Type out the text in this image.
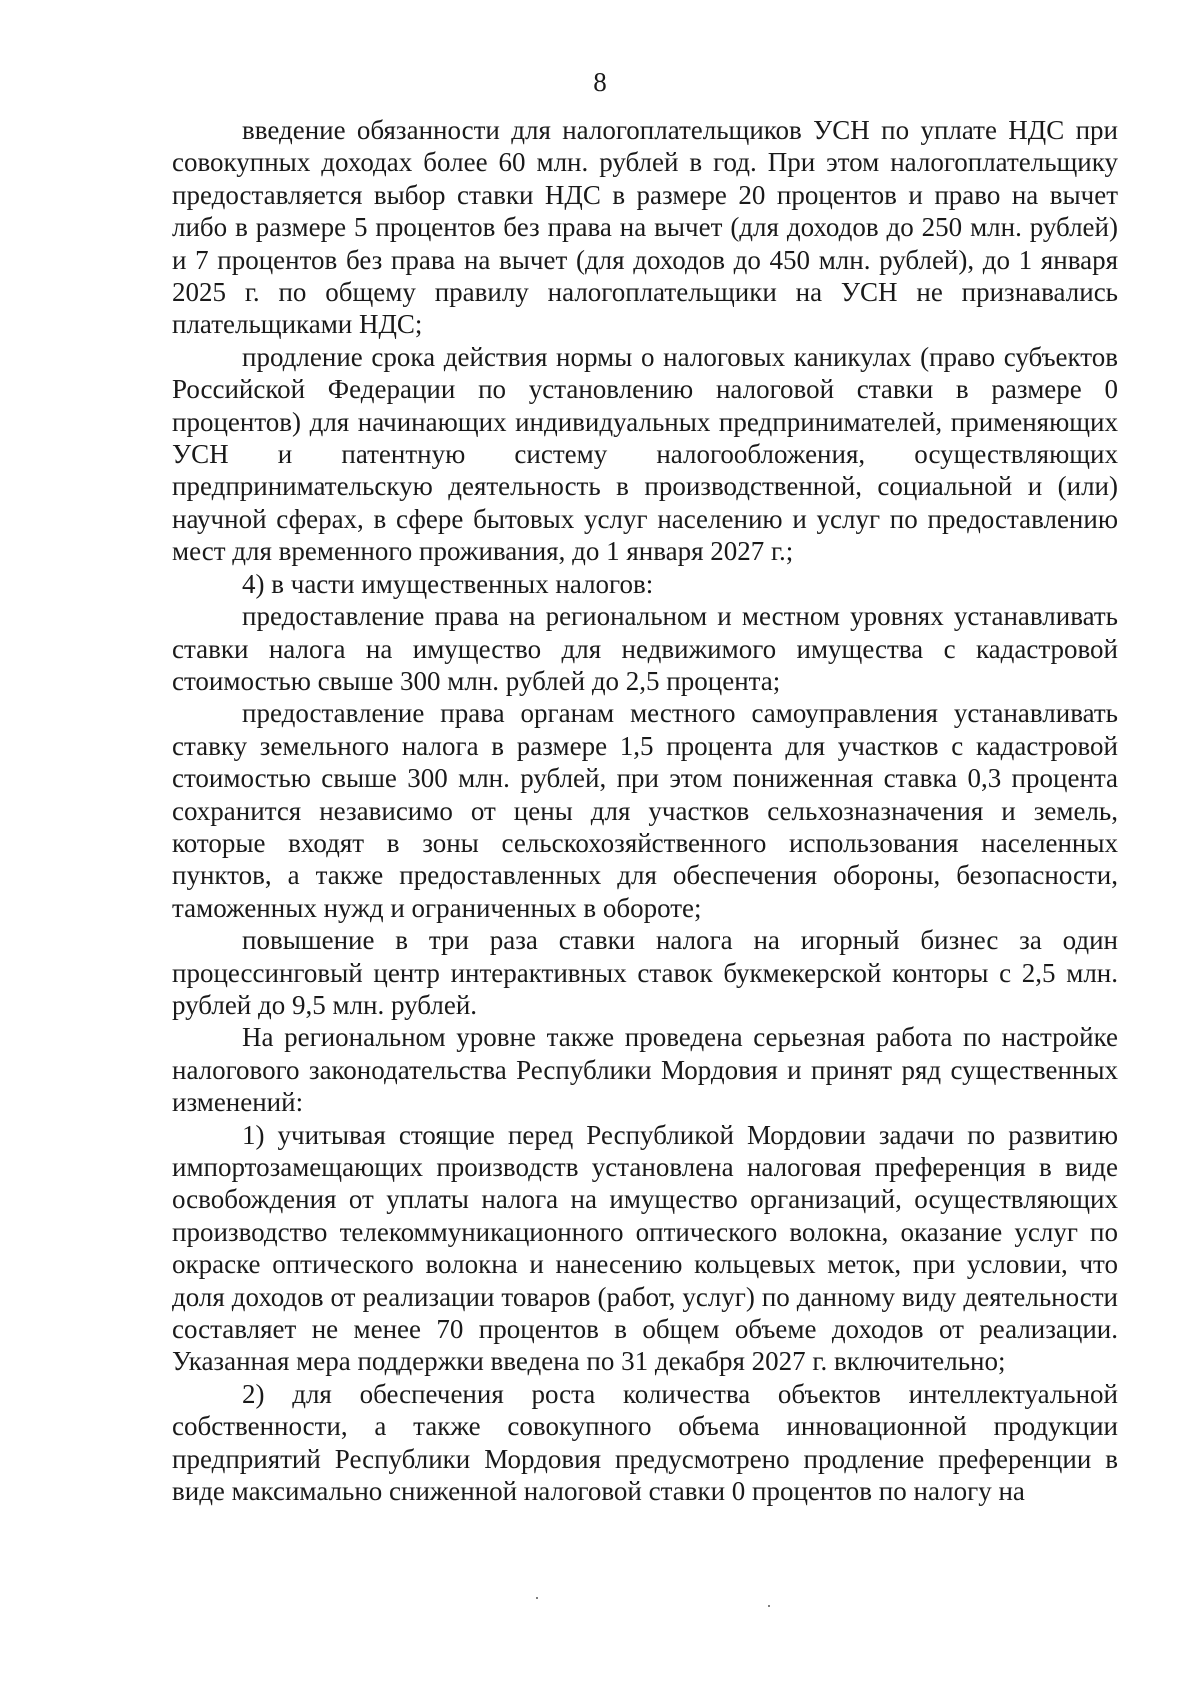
8

введение обязанности для налогоплательщиков УСН по уплате НДС при совокупных доходах более 60 млн. рублей в год. При этом налогоплательщику предоставляется выбор ставки НДС в размере 20 процентов и право на вычет либо в размере 5 процентов без права на вычет (для доходов до 250 млн. рублей) и 7 процентов без права на вычет (для доходов до 450 млн. рублей), до 1 января 2025 г. по общему правилу налогоплательщики на УСН не признавались плательщиками НДС;

продление срока действия нормы о налоговых каникулах (право субъектов Российской Федерации по установлению налоговой ставки в размере 0 процентов) для начинающих индивидуальных предпринимателей, применяющих УСН и патентную систему налогообложения, осуществляющих предпринимательскую деятельность в производственной, социальной и (или) научной сферах, в сфере бытовых услуг населению и услуг по предоставлению мест для временного проживания, до 1 января 2027 г.;

4) в части имущественных налогов:

предоставление права на региональном и местном уровнях устанавливать ставки налога на имущество для недвижимого имущества с кадастровой стоимостью свыше 300 млн. рублей до 2,5 процента;

предоставление права органам местного самоуправления устанавливать ставку земельного налога в размере 1,5 процента для участков с кадастровой стоимостью свыше 300 млн. рублей, при этом пониженная ставка 0,3 процента сохранится независимо от цены для участков сельхозназначения и земель, которые входят в зоны сельскохозяйственного использования населенных пунктов, а также предоставленных для обеспечения обороны, безопасности, таможенных нужд и ограниченных в обороте;

повышение в три раза ставки налога на игорный бизнес за один процессинговый центр интерактивных ставок букмекерской конторы с 2,5 млн. рублей до 9,5 млн. рублей.

На региональном уровне также проведена серьезная работа по настройке налогового законодательства Республики Мордовия и принят ряд существенных изменений:

1) учитывая стоящие перед Республикой Мордовии задачи по развитию импортозамещающих производств установлена налоговая преференция в виде освобождения от уплаты налога на имущество организаций, осуществляющих производство телекоммуникационного оптического волокна, оказание услуг по окраске оптического волокна и нанесению кольцевых меток, при условии, что доля доходов от реализации товаров (работ, услуг) по данному виду деятельности составляет не менее 70 процентов в общем объеме доходов от реализации. Указанная мера поддержки введена по 31 декабря 2027 г. включительно;

2) для обеспечения роста количества объектов интеллектуальной собственности, а также совокупного объема инновационной продукции предприятий Республики Мордовия предусмотрено продление преференции в виде максимально сниженной налоговой ставки 0 процентов по налогу на
